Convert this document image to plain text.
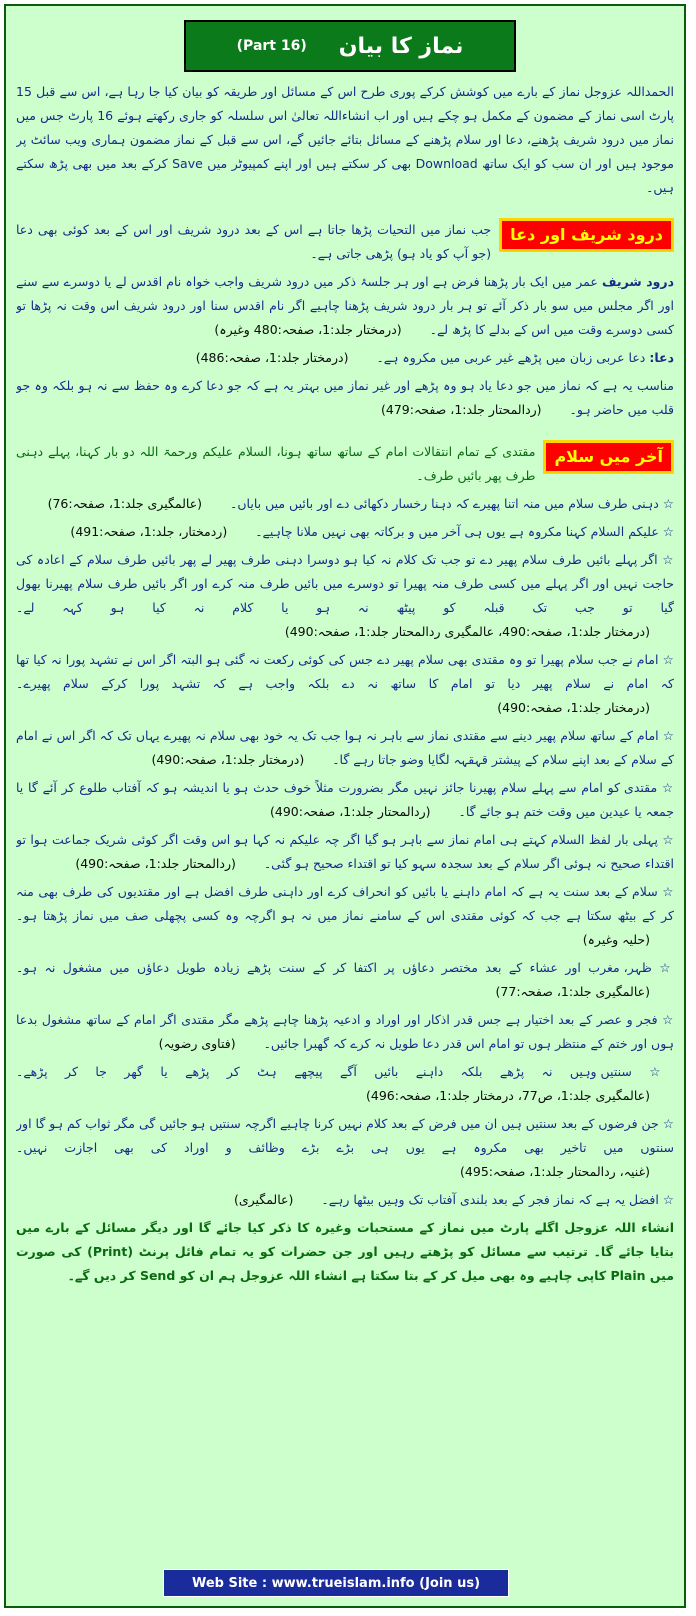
(Part 16) نماز کا بیان

الحمداللہ عزوجل نماز کے بارے میں کوشش کرکے پوری طرح اس کے مسائل اور طریقہ کو بیان کیا جا رہا ہے، اس سے قبل 15 پارٹ اسی نماز کے مضمون کے مکمل ہو چکے ہیں اور اب انشاءاللہ تعالیٰ اس سلسلہ کو جاری رکھتے ہوئے 16 پارٹ جس میں نماز میں درود شریف پڑھنے، دعا اور سلام پڑھنے کے مسائل بتائے جائیں گے، اس سے قبل کے نماز مضمون ہماری ویب سائٹ پر موجود ہیں اور ان سب کو ایک ساتھ Download بھی کر سکتے ہیں اور اپنے کمپیوٹر میں Save کرکے بعد میں بھی پڑھ سکتے ہیں۔

درود شریف اور دعا

جب نماز میں التحیات پڑھا جاتا ہے اس کے بعد درود شریف اور اس کے بعد کوئی بھی دعا (جو آپ کو یاد ہو) پڑھی جاتی ہے۔

درود شریف عمر میں ایک بار پڑھنا فرض ہے اور ہر جلسۂ ذکر میں درود شریف واجب خواہ نام اقدس لے یا دوسرے سے سنے اور اگر مجلس میں سو بار ذکر آئے تو ہر بار درود شریف پڑھنا چاہیے اگر نام اقدس سنا اور درود شریف اس وقت نہ پڑھا تو کسی دوسرے وقت میں اس کے بدلے کا پڑھ لے۔ (درمختار جلد:1، صفحہ:480 وغیرہ)

دعا: دعا عربی زبان میں پڑھے غیر عربی میں مکروہ ہے۔ (درمختار جلد:1، صفحہ:486)

مناسب یہ ہے کہ نماز میں جو دعا یاد ہو وہ پڑھے اور غیر نماز میں بہتر یہ ہے کہ جو دعا کرے وہ حفظ سے نہ ہو بلکہ وہ جو قلب میں حاضر ہو۔ (ردالمحتار جلد:1، صفحہ:479)

آخر میں سلام

مقتدی کے تمام انتقالات امام کے ساتھ ساتھ ہونا، السلام علیکم ورحمۃ اللہ دو بار کہنا، پہلے دہنی طرف پھر بائیں طرف۔

☆ دہنی طرف سلام میں منہ اتنا پھیرے کہ دہنا رخسار دکھائی دے اور بائیں میں بایاں۔ (عالمگیری جلد:1، صفحہ:76)

☆ علیکم السلام کہنا مکروہ ہے یوں ہی آخر میں و برکاتہ بھی نہیں ملانا چاہیے۔ (ردمختار، جلد:1، صفحہ:491)

☆ اگر پہلے بائیں طرف سلام پھیر دے تو جب تک کلام نہ کیا ہو دوسرا دہنی طرف پھیر لے پھر بائیں طرف سلام کے اعادہ کی حاجت نہیں اور اگر پہلے میں کسی طرف منہ پھیرا تو دوسرے میں بائیں طرف منہ کرے اور اگر بائیں طرف سلام پھیرنا بھول گیا تو جب تک قبلہ کو پیٹھ نہ ہو یا کلام نہ کیا ہو کہہ لے۔ (درمختار جلد:1، صفحہ:490، عالمگیری ردالمحتار جلد:1، صفحہ:490)

☆ امام نے جب سلام پھیرا تو وہ مقتدی بھی سلام پھیر دے جس کی کوئی رکعت نہ گئی ہو البتہ اگر اس نے تشہد پورا نہ کیا تھا کہ امام نے سلام پھیر دیا تو امام کا ساتھ نہ دے بلکہ واجب ہے کہ تشہد پورا کرکے سلام پھیرے۔ (درمختار جلد:1، صفحہ:490)

☆ امام کے ساتھ سلام پھیر دینے سے مقتدی نماز سے باہر نہ ہوا جب تک یہ خود بھی سلام نہ پھیرے یہاں تک کہ اگر اس نے امام کے سلام کے بعد اپنے سلام کے پیشتر قہقہہ لگایا وضو جاتا رہے گا۔ (درمختار جلد:1، صفحہ:490)

☆ مقتدی کو امام سے پہلے سلام پھیرنا جائز نہیں مگر بضرورت مثلاً خوف حدث ہو یا اندیشہ ہو کہ آفتاب طلوع کر آئے گا یا جمعہ یا عیدین میں وقت ختم ہو جائے گا۔ (ردالمحتار جلد:1، صفحہ:490)

☆ پہلی بار لفظ السلام کہتے ہی امام نماز سے باہر ہو گیا اگر چہ علیکم نہ کہا ہو اس وقت اگر کوئی شریک جماعت ہوا تو اقتداء صحیح نہ ہوئی اگر سلام کے بعد سجدہ سہو کیا تو اقتداء صحیح ہو گئی۔ (ردالمحتار جلد:1، صفحہ:490)

☆ سلام کے بعد سنت یہ ہے کہ امام داہنے یا بائیں کو انحراف کرے اور داہنی طرف افضل ہے اور مقتدیوں کی طرف بھی منہ کر کے بیٹھ سکتا ہے جب کہ کوئی مقتدی اس کے سامنے نماز میں نہ ہو اگرچہ وہ کسی پچھلی صف میں نماز پڑھتا ہو۔ (حلیہ وغیرہ)

☆ ظہر، مغرب اور عشاء کے بعد مختصر دعاؤں پر اکتفا کر کے سنت پڑھے زیادہ طویل دعاؤں میں مشغول نہ ہو۔ (عالمگیری جلد:1، صفحہ:77)

☆ فجر و عصر کے بعد اختیار ہے جس قدر اذکار اور اوراد و ادعیہ پڑھنا چاہے پڑھے مگر مقتدی اگر امام کے ساتھ مشغول بدعا ہوں اور ختم کے منتظر ہوں تو امام اس قدر دعا طویل نہ کرے کہ گھبرا جائیں۔ (فتاوی رضویہ)

☆ سنتیں وہیں نہ پڑھے بلکہ داہنے بائیں آگے پیچھے ہٹ کر پڑھے یا گھر جا کر پڑھے۔ (عالمگیری جلد:1، ص77، درمختار جلد:1، صفحہ:496)

☆ جن فرضوں کے بعد سنتیں ہیں ان میں فرض کے بعد کلام نہیں کرنا چاہیے اگرچہ سنتیں ہو جائیں گی مگر ثواب کم ہو گا اور سنتوں میں تاخیر بھی مکروہ ہے یوں ہی بڑے بڑے وظائف و اوراد کی بھی اجازت نہیں۔ (غنیہ، ردالمحتار جلد:1، صفحہ:495)

☆ افضل یہ ہے کہ نماز فجر کے بعد بلندی آفتاب تک وہیں بیٹھا رہے۔ (عالمگیری)

انشاء اللہ عزوجل اگلے پارٹ میں نماز کے مستحبات وغیرہ کا ذکر کیا جائے گا اور دیگر مسائل کے بارے میں بتایا جائے گا۔ ترتیب سے مسائل کو پڑھتے رہیں اور جن حضرات کو یہ تمام فائل پرنٹ (Print) کی صورت میں Plain کاپی چاہیے وہ بھی میل کر کے بتا سکتا ہے انشاء اللہ عزوجل ہم ان کو Send کر دیں گے۔

Web Site : www.trueislam.info (Join us)
